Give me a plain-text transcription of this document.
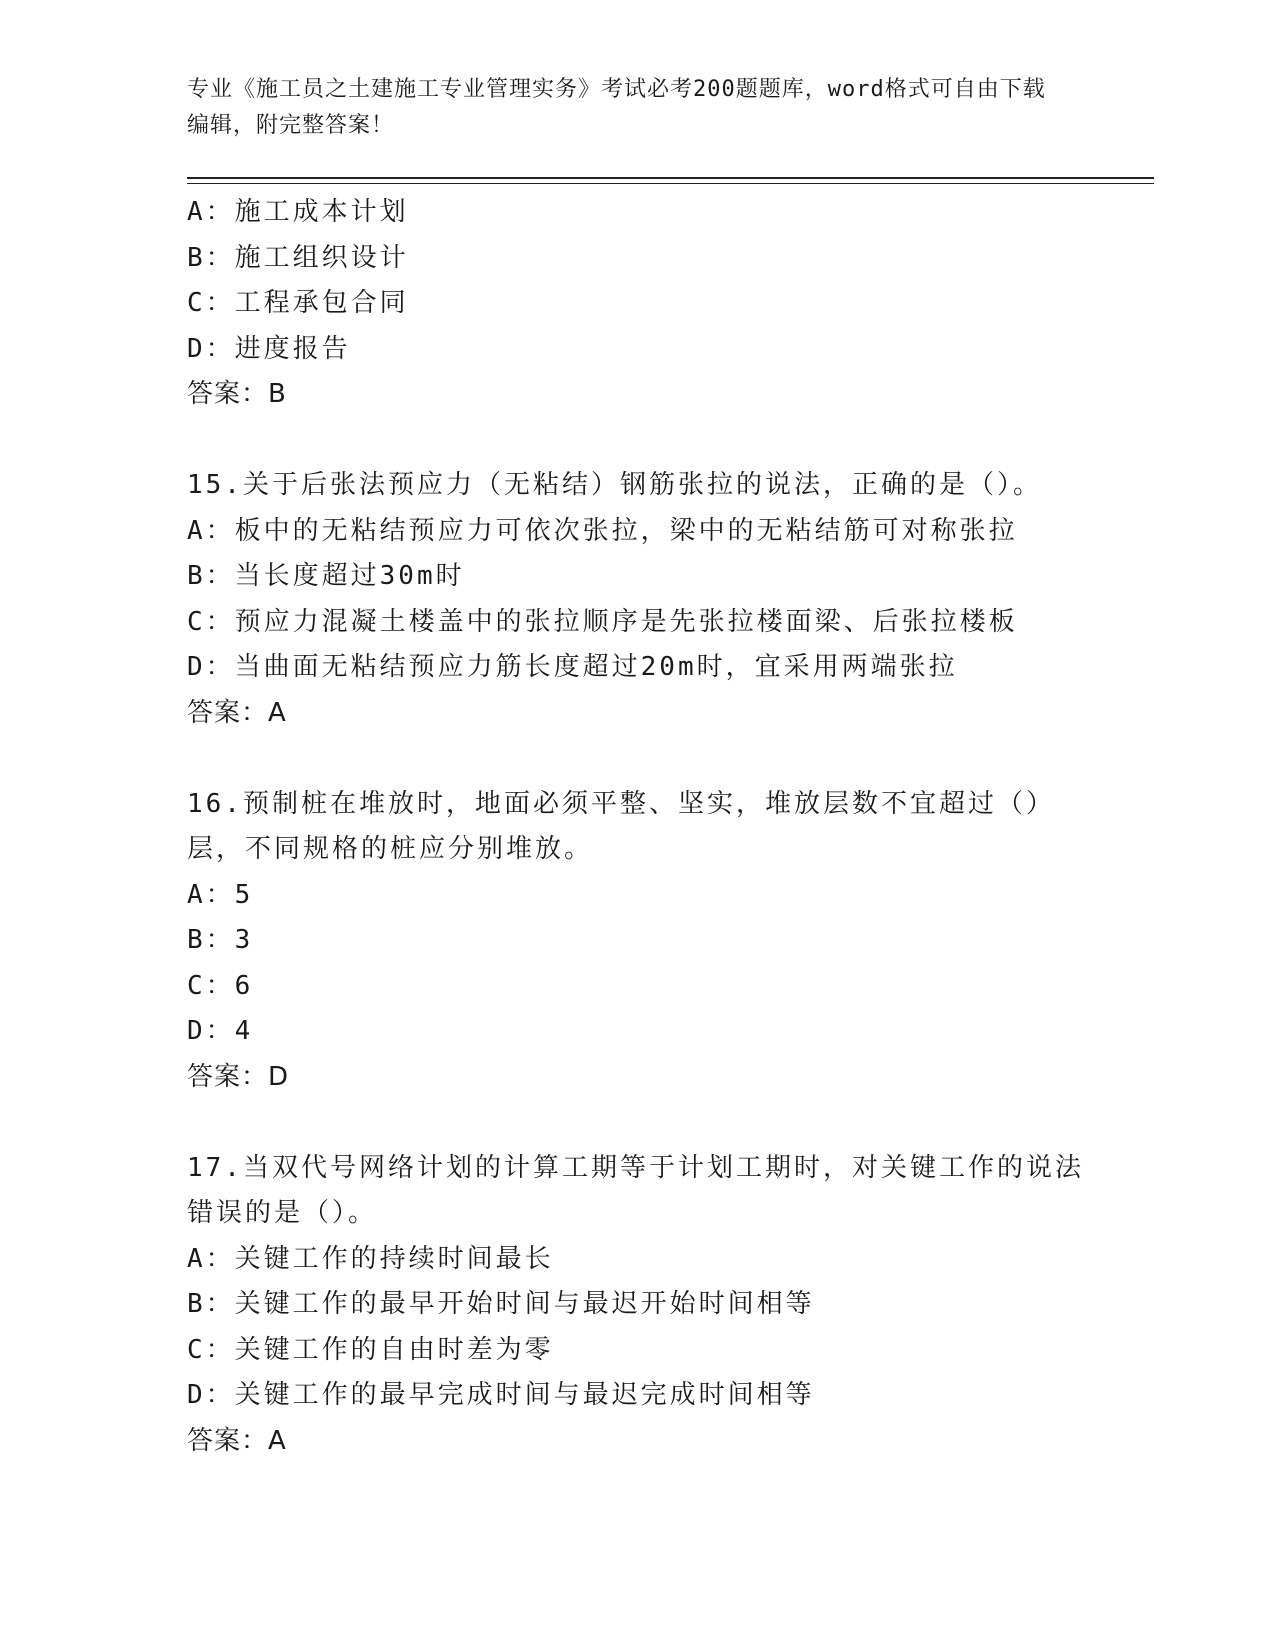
专业《施工员之土建施工专业管理实务》考试必考200题题库，word格式可自由下载编辑，附完整答案！
A：施工成本计划
B：施工组织设计
C：工程承包合同
D：进度报告
答案：B
15.关于后张法预应力（无粘结）钢筋张拉的说法，正确的是（）。
A：板中的无粘结预应力可依次张拉，梁中的无粘结筋可对称张拉
B：当长度超过30m时
C：预应力混凝土楼盖中的张拉顺序是先张拉楼面梁、后张拉楼板
D：当曲面无粘结预应力筋长度超过20m时，宜采用两端张拉
答案：A
16.预制桩在堆放时，地面必须平整、坚实，堆放层数不宜超过（）层，不同规格的桩应分别堆放。
A：5
B：3
C：6
D：4
答案：D
17.当双代号网络计划的计算工期等于计划工期时，对关键工作的说法错误的是（）。
A：关键工作的持续时间最长
B：关键工作的最早开始时间与最迟开始时间相等
C：关键工作的自由时差为零
D：关键工作的最早完成时间与最迟完成时间相等
答案：A
